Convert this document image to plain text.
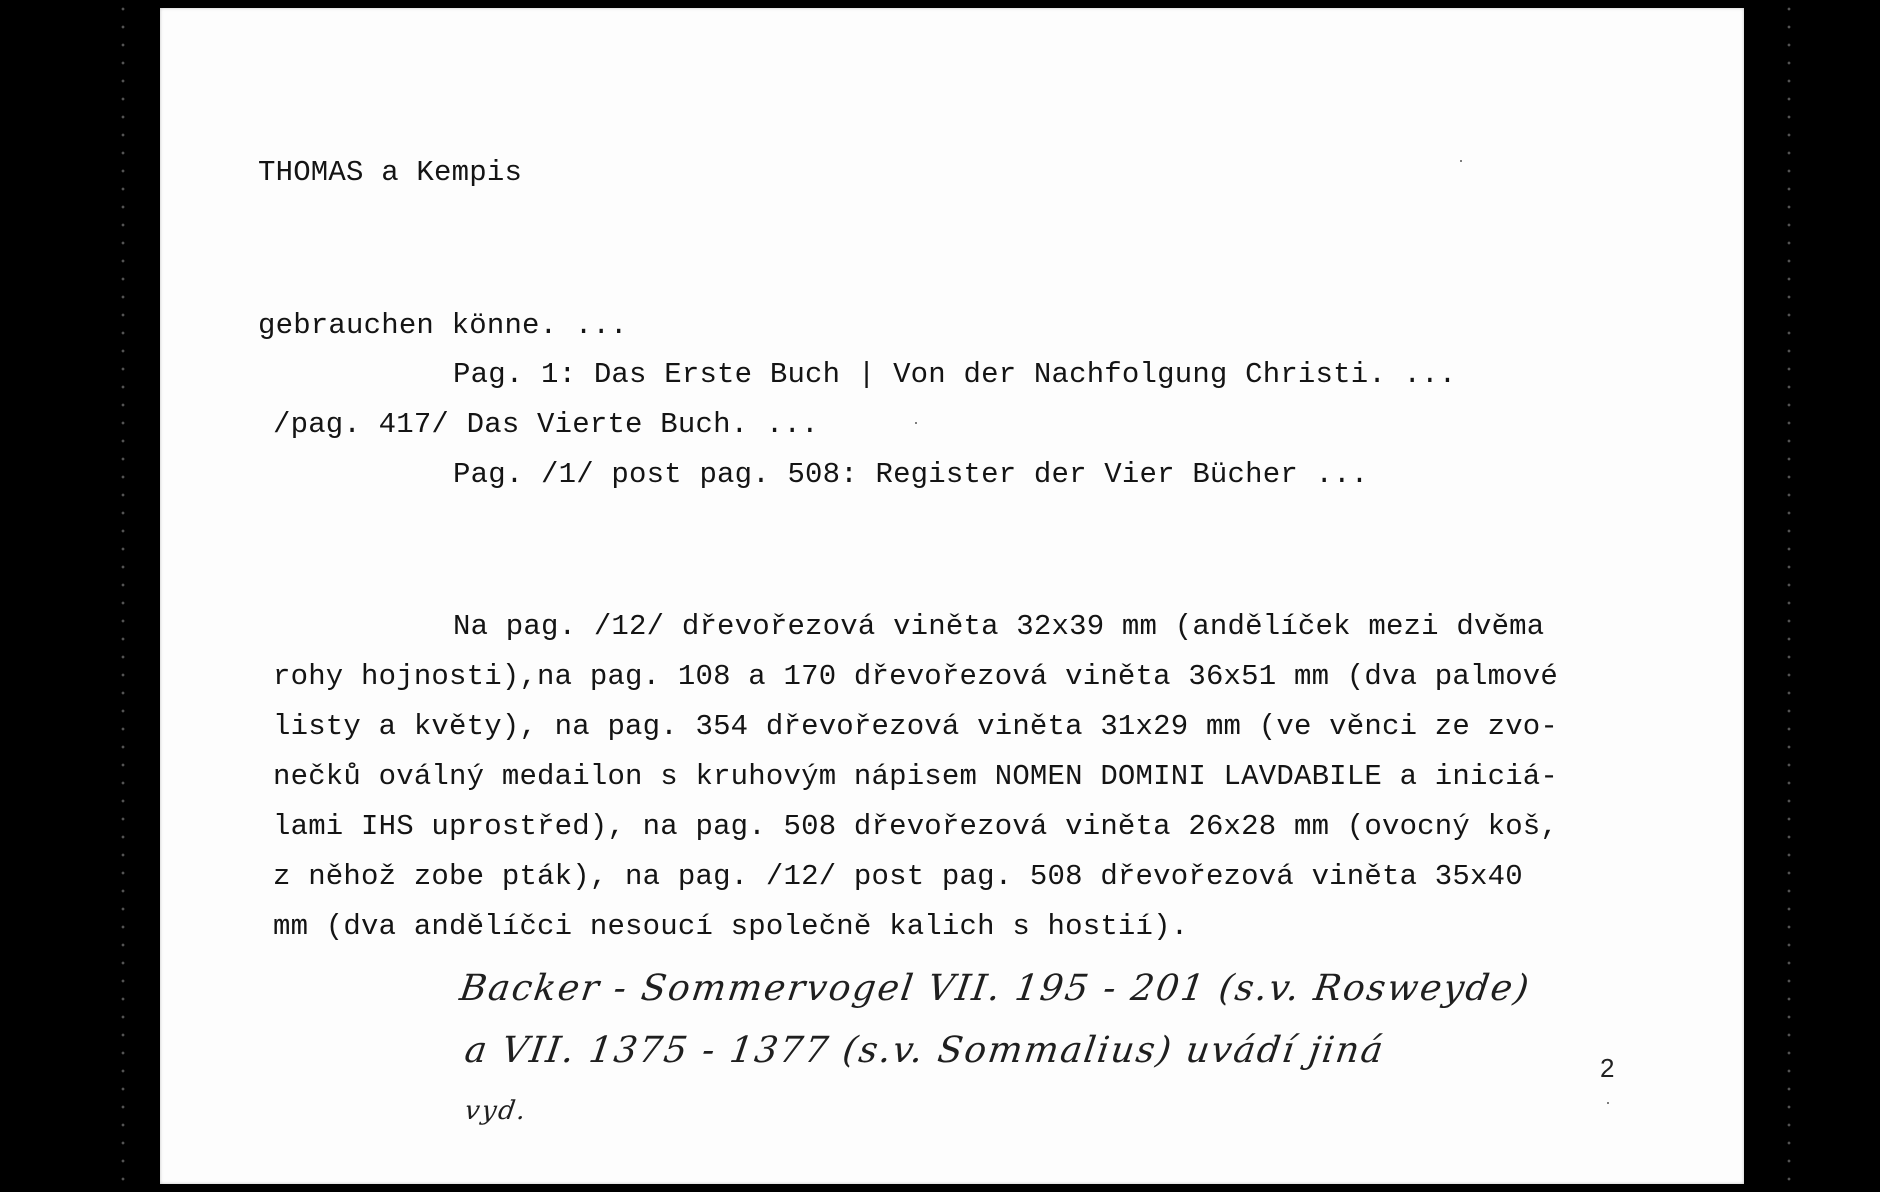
THOMAS a Kempis
gebrauchen könne. ...
Pag. 1: Das Erste Buch | Von der Nachfolgung Christi. ...
/pag. 417/ Das Vierte Buch. ...
Pag. /1/ post pag. 508: Register der Vier Bücher ...
Na pag. /12/ dřevořezová viněta 32x39 mm (andělíček mezi dvěma
rohy hojnosti),na pag. 108 a 170 dřevořezová viněta 36x51 mm (dva palmové
listy a květy), na pag. 354 dřevořezová viněta 31x29 mm (ve věnci ze zvo-
nečků oválný medailon s kruhovým nápisem NOMEN DOMINI LAVDABILE a iniciá-
lami IHS uprostřed), na pag. 508 dřevořezová viněta 26x28 mm (ovocný koš,
z něhož zobe pták), na pag. /12/ post pag. 508 dřevořezová viněta 35x40
mm (dva andělíčci nesoucí společně kalich s hostií).
Backer - Sommervogel VII. 195 - 201 (s.v. Rosweyde)
a VII. 1375 - 1377 (s.v. Sommalius) uvádí jiná
vyd.
2
